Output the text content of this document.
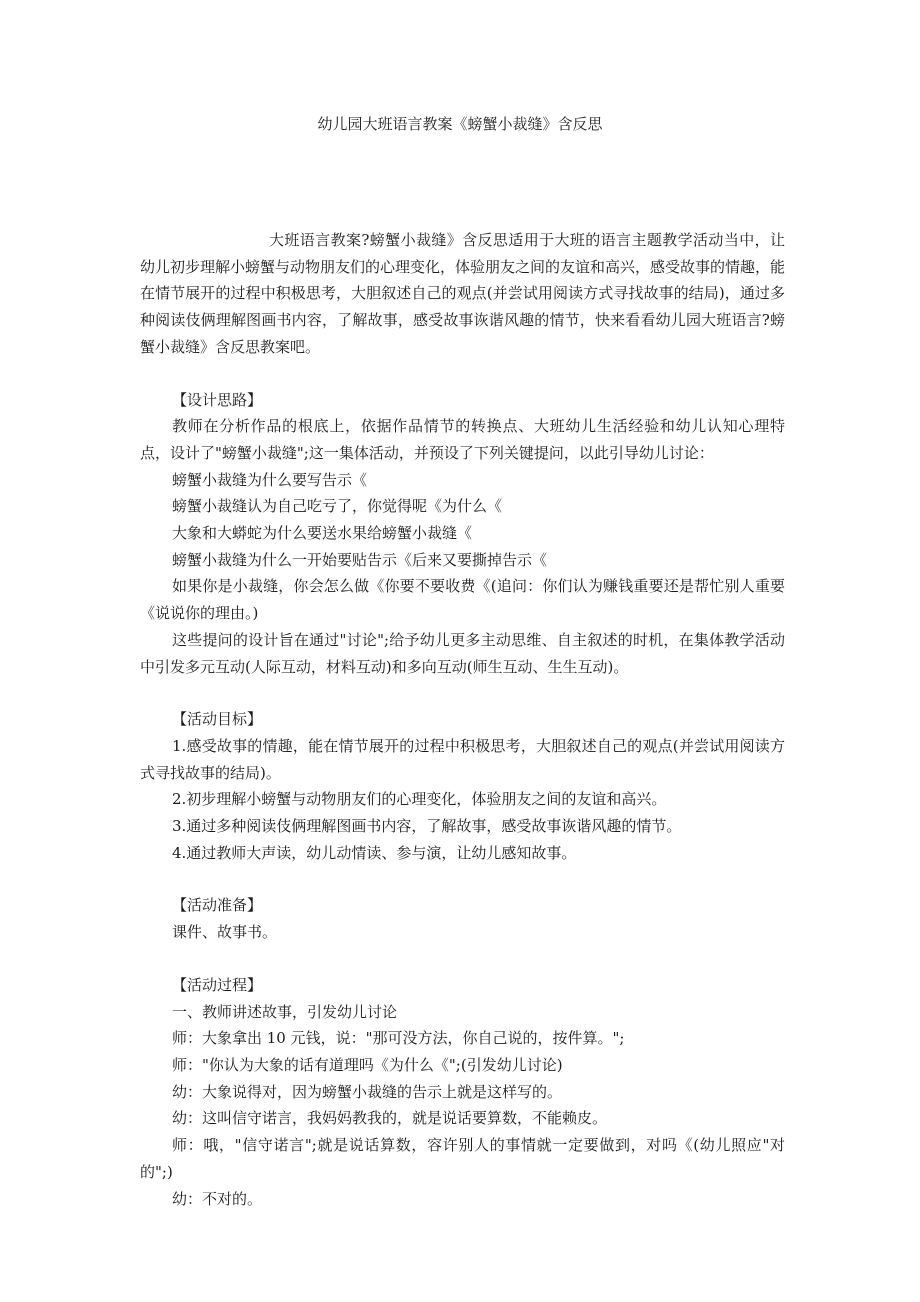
幼儿园大班语言教案《螃蟹小裁缝》含反思

大班语言教案?螃蟹小裁缝》含反思适用于大班的语言主题教学活动当中，让幼儿初步理解小螃蟹与动物朋友们的心理变化，体验朋友之间的友谊和高兴，感受故事的情趣，能在情节展开的过程中积极思考，大胆叙述自己的观点(并尝试用阅读方式寻找故事的结局)，通过多种阅读伎俩理解图画书内容，了解故事，感受故事诙谐风趣的情节，快来看看幼儿园大班语言?螃蟹小裁缝》含反思教案吧。

【设计思路】

教师在分析作品的根底上，依据作品情节的转换点、大班幼儿生活经验和幼儿认知心理特点，设计了"螃蟹小裁缝";这一集体活动，并预设了下列关键提问，以此引导幼儿讨论：

螃蟹小裁缝为什么要写告示《

螃蟹小裁缝认为自己吃亏了，你觉得呢《为什么《

大象和大蟒蛇为什么要送水果给螃蟹小裁缝《

螃蟹小裁缝为什么一开始要贴告示《后来又要撕掉告示《

如果你是小裁缝，你会怎么做《你要不要收费《(追问：你们认为赚钱重要还是帮忙别人重要《说说你的理由。)

这些提问的设计旨在通过"讨论";给予幼儿更多主动思维、自主叙述的时机，在集体教学活动中引发多元互动(人际互动，材料互动)和多向互动(师生互动、生生互动)。

【活动目标】

1.感受故事的情趣，能在情节展开的过程中积极思考，大胆叙述自己的观点(并尝试用阅读方式寻找故事的结局)。

2.初步理解小螃蟹与动物朋友们的心理变化，体验朋友之间的友谊和高兴。

3.通过多种阅读伎俩理解图画书内容，了解故事，感受故事诙谐风趣的情节。

4.通过教师大声读，幼儿动情读、参与演，让幼儿感知故事。

【活动准备】

课件、故事书。

【活动过程】

一、教师讲述故事，引发幼儿讨论

师：大象拿出 10 元钱，说："那可没方法，你自己说的，按件算。";

师："你认为大象的话有道理吗《为什么《";(引发幼儿讨论)

幼：大象说得对，因为螃蟹小裁缝的告示上就是这样写的。

幼：这叫信守诺言，我妈妈教我的，就是说话要算数，不能赖皮。

师：哦，"信守诺言";就是说话算数，容许别人的事情就一定要做到，对吗《(幼儿照应"对的";)

幼：不对的。
